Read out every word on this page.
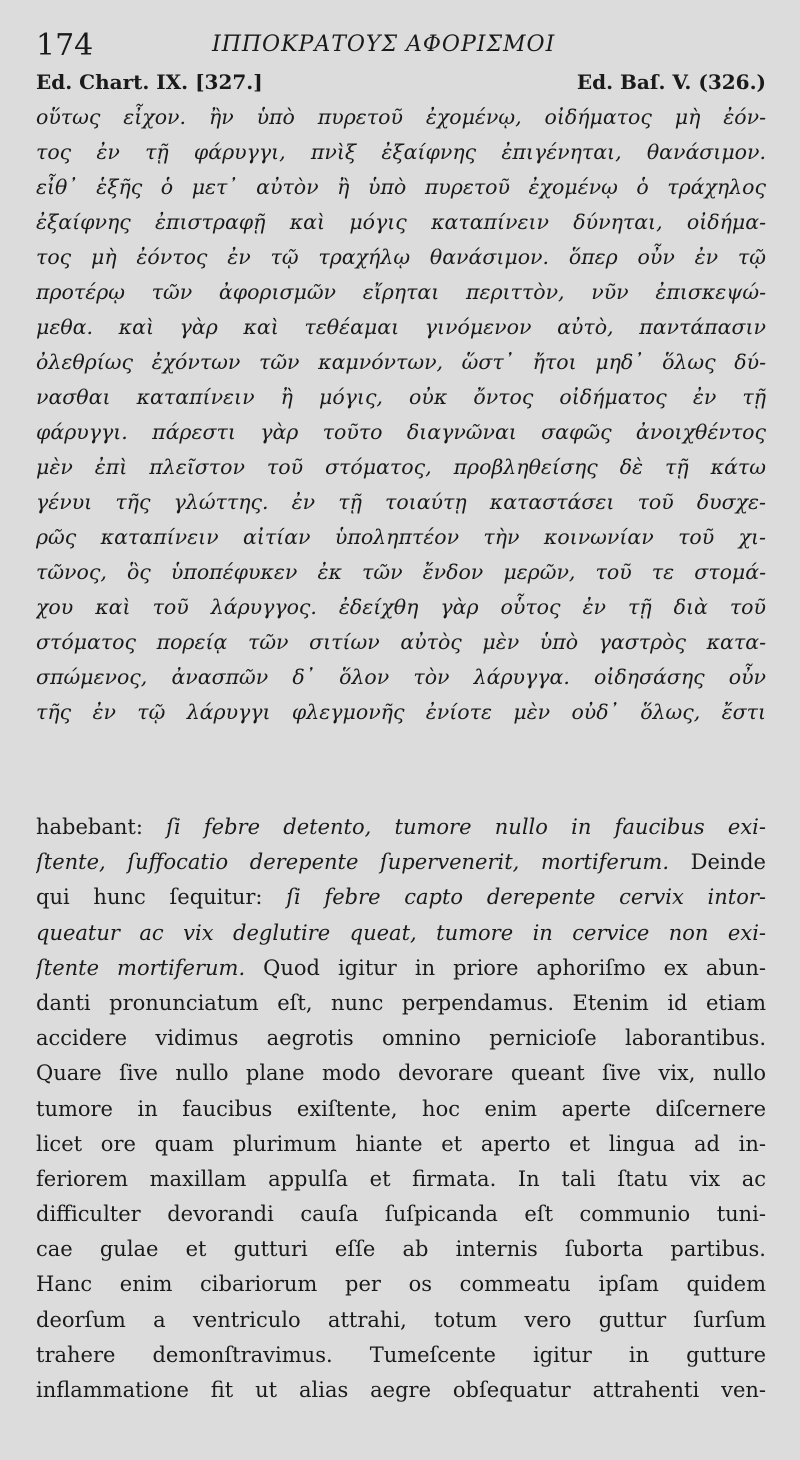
174	ΙΠΠΟΚΡΑΤΟΥΣ ΑΦΟΡΙΣΜΟΙ
Ed. Chart. IX. [327.]	Ed. Baſ. V. (326.)
οὕτως εἶχον. ἢν ὑπὸ πυρετοῦ ἐχομένῳ, οἰδήματος μὴ ἐόν-
τος ἐν τῇ φάρυγγι, πνὶξ ἐξαίφνης ἐπιγένηται, θανάσιμον.
εἶθ᾽ ἑξῆς ὁ μετ᾽ αὐτὸν ἢ ὑπὸ πυρετοῦ ἐχομένῳ ὁ τράχηλος
ἐξαίφνης ἐπιστραφῇ καὶ μόγις καταπίνειν δύνηται, οἰδήμα-
τος μὴ ἐόντος ἐν τῷ τραχήλῳ θανάσιμον. ὅπερ οὖν ἐν τῷ
προτέρῳ τῶν ἀφορισμῶν εἴρηται περιττὸν, νῦν ἐπισκεψώ-
μεθα. καὶ γὰρ καὶ τεθέαμαι γινόμενον αὐτὸ, παντάπασιν
ὀλεθρίως ἐχόντων τῶν καμνόντων, ὥστ᾽ ἤτοι μηδ᾽ ὅλως δύ-
νασθαι καταπίνειν ἢ μόγις, οὐκ ὄντος οἰδήματος ἐν τῇ
φάρυγγι. πάρεστι γὰρ τοῦτο διαγνῶναι σαφῶς ἀνοιχθέντος
μὲν ἐπὶ πλεῖστον τοῦ στόματος, προβληθείσης δὲ τῇ κάτω
γένυι τῆς γλώττης. ἐν τῇ τοιαύτῃ καταστάσει τοῦ δυσχε-
ρῶς καταπίνειν αἰτίαν ὑποληπτέον τὴν κοινωνίαν τοῦ χι-
τῶνος, ὃς ὑποπέφυκεν ἐκ τῶν ἔνδον μερῶν, τοῦ τε στομά-
χου καὶ τοῦ λάρυγγος. ἐδείχθη γὰρ οὗτος ἐν τῇ διὰ τοῦ
στόματος πορείᾳ τῶν σιτίων αὐτὸς μὲν ὑπὸ γαστρὸς κατα-
σπώμενος, ἀνασπῶν δ᾽ ὅλον τὸν λάρυγγα. οἰδησάσης οὖν
τῆς ἐν τῷ λάρυγγι φλεγμονῆς ἐνίοτε μὲν οὐδ᾽ ὅλως, ἔστι
habebant: ſi febre detento, tumore nullo in faucibus exi-
ſtente, ſuffocatio derepente ſupervenerit, mortiferum. Deinde
qui hunc ſequitur: ſi febre capto derepente cervix intor-
queatur ac vix deglutire queat, tumore in cervice non exi-
ſtente mortiferum. Quod igitur in priore aphoriſmo ex abun-
danti pronunciatum eſt, nunc perpendamus. Etenim id etiam
accidere vidimus aegrotis omnino pernicioſe laborantibus.
Quare ſive nullo plane modo devorare queant ſive vix, nullo
tumore in faucibus exiſtente, hoc enim aperte diſcernere
licet ore quam plurimum hiante et aperto et lingua ad in-
feriorem maxillam appulſa et firmata. In tali ſtatu vix ac
difficulter devorandi cauſa ſuſpicanda eſt communio tuni-
cae gulae et gutturi eſſe ab internis ſuborta partibus.
Hanc enim cibariorum per os commeatu ipſam quidem
deorſum a ventriculo attrahi, totum vero guttur ſurſum
trahere demonſtravimus. Tumeſcente igitur in gutture
inflammatione fit ut alias aegre obſequatur attrahenti ven-
